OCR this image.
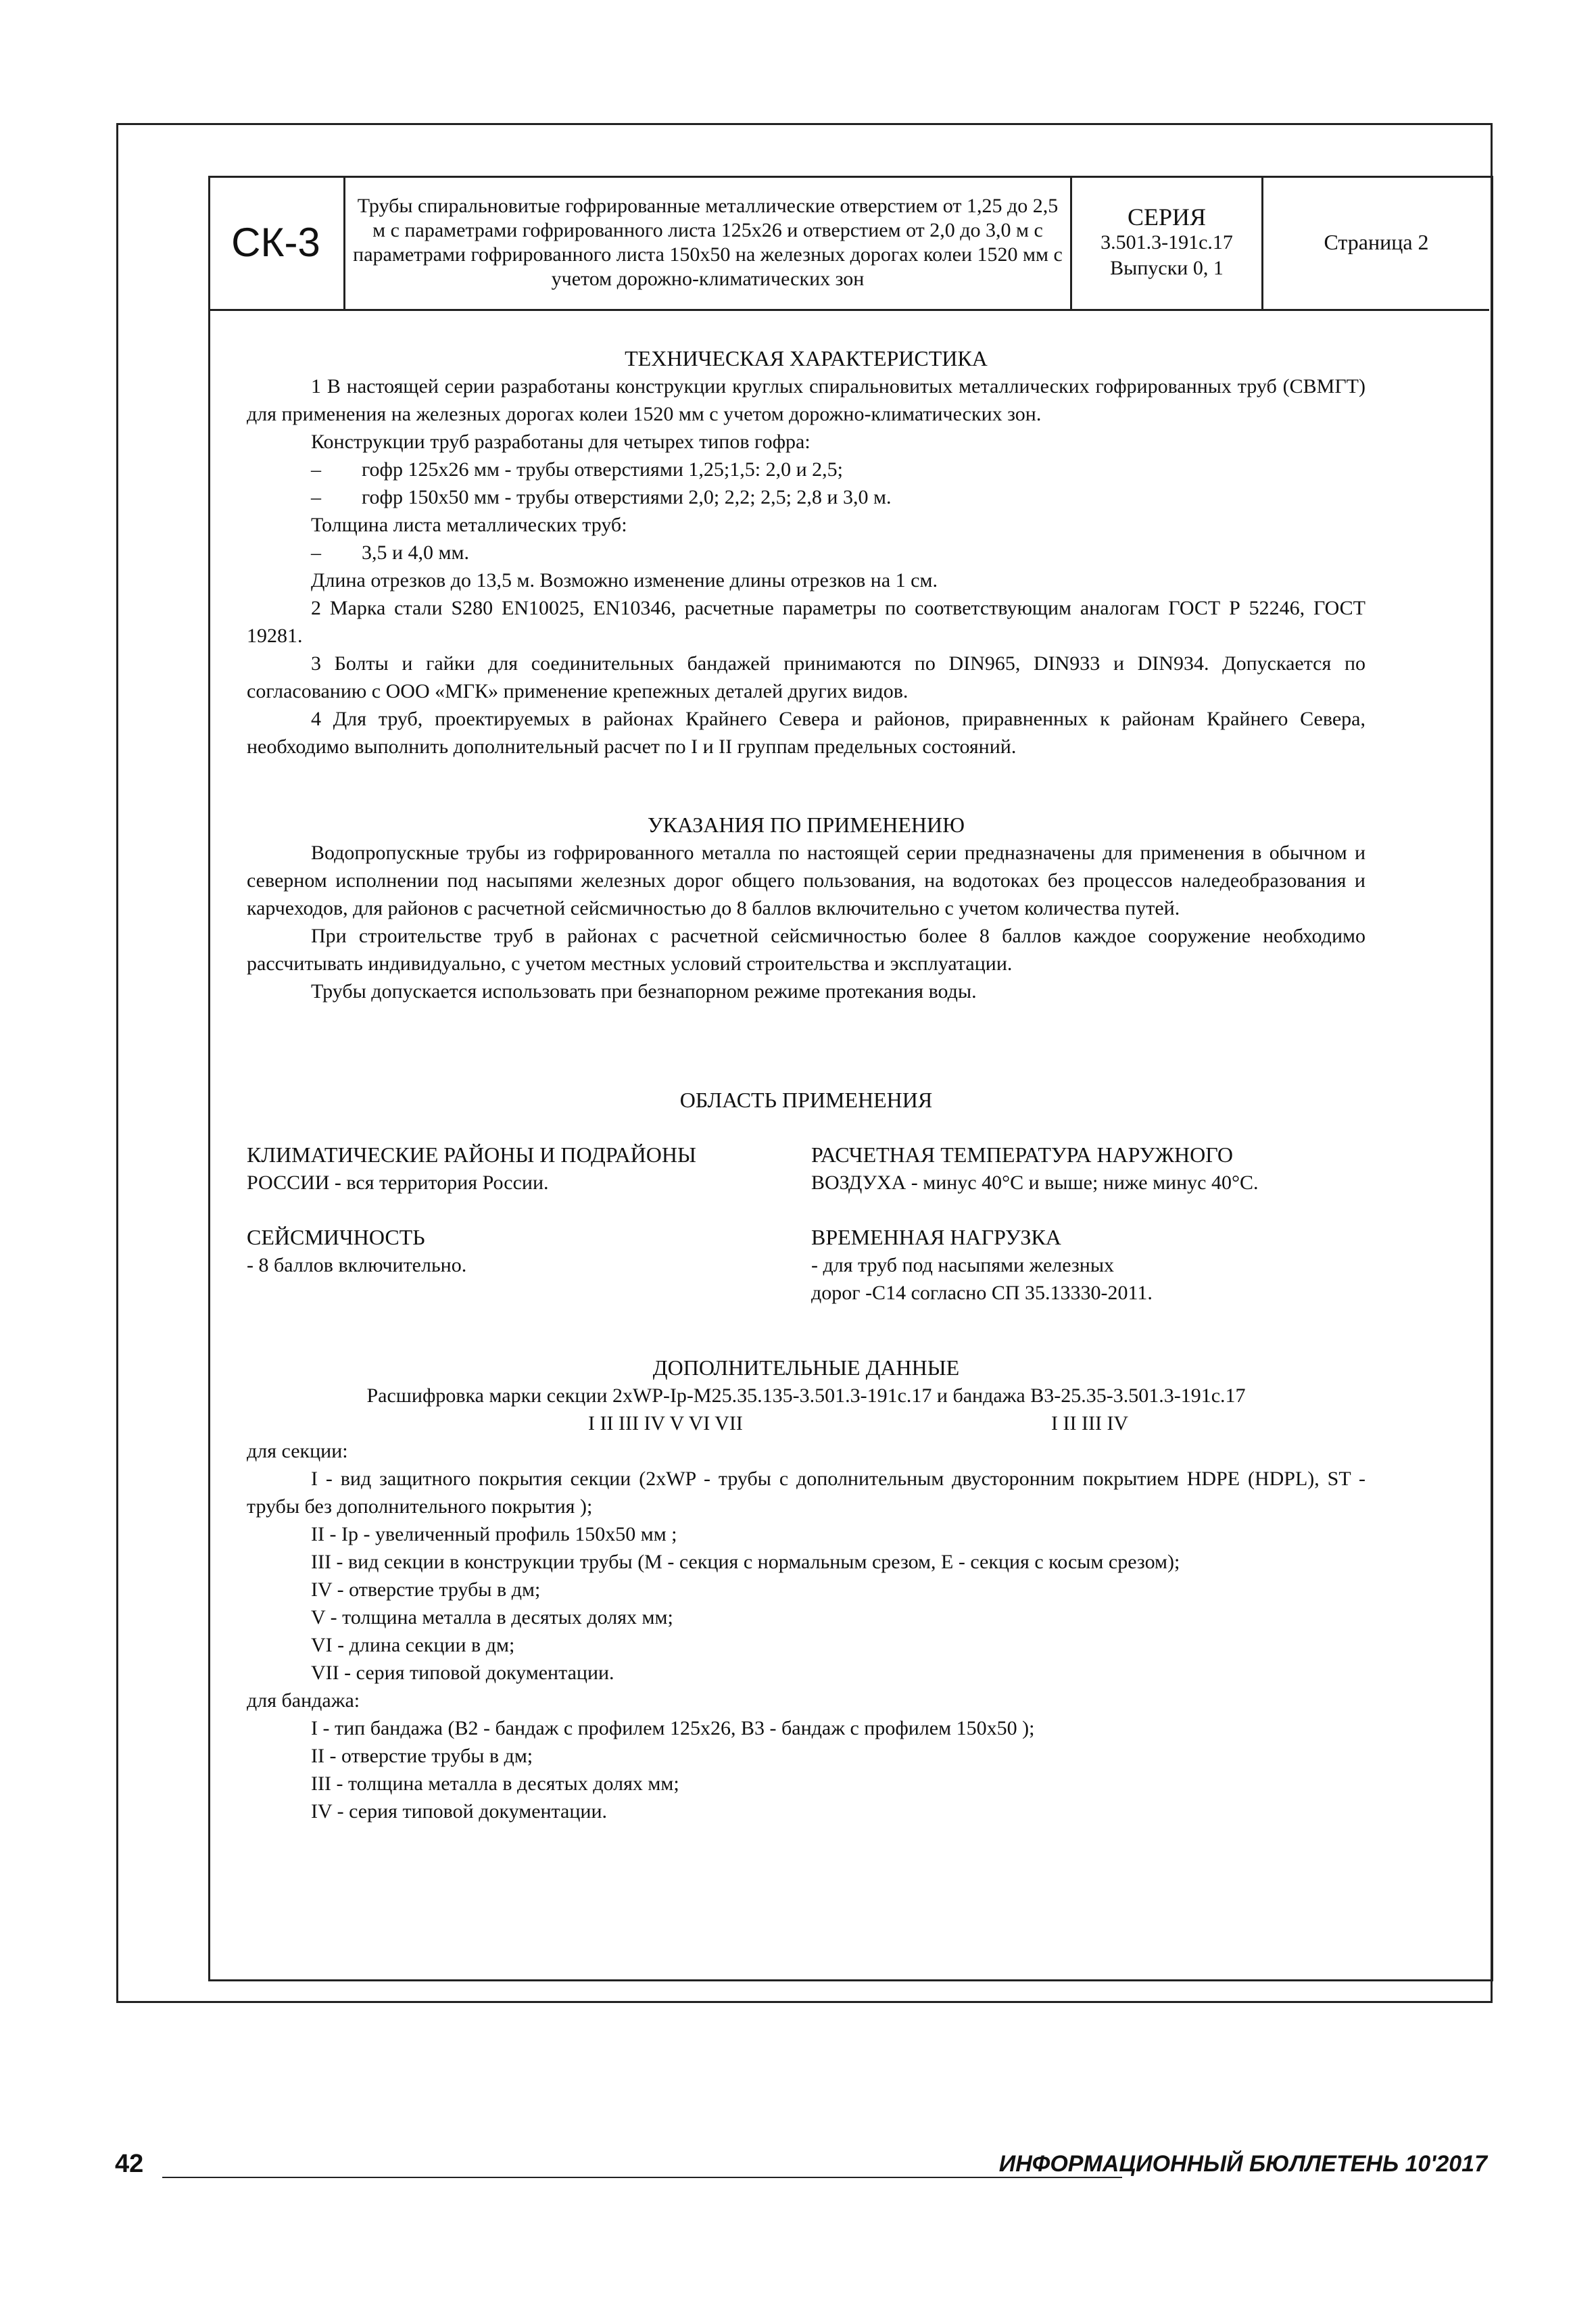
СК-3
Трубы спиральновитые гофрированные металлические отверстием от 1,25 до 2,5 м с параметрами гофрированного листа 125x26 и отверстием от 2,0 до 3,0 м с параметрами гофрированного листа 150x50 на железных дорогах колеи 1520 мм с учетом дорожно-климатических зон
СЕРИЯ
3.501.3-191с.17
Выпуски 0, 1
Страница 2

ТЕХНИЧЕСКАЯ ХАРАКТЕРИСТИКА

1 В настоящей серии разработаны конструкции круглых спиральновитых металлических гофрированных труб (СВМГТ) для применения на железных дорогах колеи 1520 мм с учетом дорожно-климатических зон.

Конструкции труб разработаны для четырех типов гофра:

–	гофр 125x26 мм - трубы отверстиями 1,25;1,5: 2,0 и 2,5;

–	гофр 150x50 мм - трубы отверстиями 2,0; 2,2; 2,5; 2,8 и 3,0 м.

Толщина листа металлических труб:

–	3,5 и 4,0 мм.

Длина отрезков до 13,5 м. Возможно изменение длины отрезков на 1 см.

2 Марка стали S280 EN10025, EN10346, расчетные параметры по соответствующим аналогам ГОСТ Р 52246, ГОСТ 19281.

3 Болты и гайки для соединительных бандажей принимаются по DIN965, DIN933 и DIN934. Допускается по согласованию с ООО «МГК» применение крепежных деталей других видов.

4 Для труб, проектируемых в районах Крайнего Севера и районов, приравненных к районам Крайнего Севера, необходимо выполнить дополнительный расчет по I и II группам предельных состояний.

УКАЗАНИЯ ПО ПРИМЕНЕНИЮ

Водопропускные трубы из гофрированного металла по настоящей серии предназначены для применения в обычном и северном исполнении под насыпями железных дорог общего пользования, на водотоках без процессов наледеобразования и карчеходов, для районов с расчетной сейсмичностью до 8 баллов включительно с учетом количества путей.

При строительстве труб в районах с расчетной сейсмичностью более 8 баллов каждое сооружение необходимо рассчитывать индивидуально, с учетом местных условий строительства и эксплуатации.

Трубы допускается использовать при безнапорном режиме протекания воды.

ОБЛАСТЬ ПРИМЕНЕНИЯ

КЛИМАТИЧЕСКИЕ РАЙОНЫ И ПОДРАЙОНЫ

РОССИИ - вся территория России.

РАСЧЕТНАЯ ТЕМПЕРАТУРА НАРУЖНОГО

ВОЗДУХА - минус 40°С и выше; ниже минус 40°С.

СЕЙСМИЧНОСТЬ

- 8 баллов включительно.

ВРЕМЕННАЯ НАГРУЗКА

- для труб под насыпями железных

дорог -С14 согласно СП 35.13330-2011.

ДОПОЛНИТЕЛЬНЫЕ ДАННЫЕ

Расшифровка марки секции 2xWP-Ip-M25.35.135-3.501.3-191с.17 и бандажа B3-25.35-3.501.3-191с.17

I II III IV V VI VII	I II III IV

для секции:

I - вид защитного покрытия секции (2xWP - трубы с дополнительным двусторонним покрытием HDPE (HDPL), ST - трубы без дополнительного покрытия );

II - Ip - увеличенный профиль 150x50 мм ;

III - вид секции в конструкции трубы (М - секция с нормальным срезом, Е - секция с косым срезом);

IV - отверстие трубы в дм;

V - толщина металла в десятых долях мм;

VI - длина секции в дм;

VII - серия типовой документации.

для бандажа:

I - тип бандажа (В2 - бандаж с профилем 125x26, В3 - бандаж с профилем 150x50 );

II - отверстие трубы в дм;

III - толщина металла в десятых долях мм;

IV - серия типовой документации.

42	ИНФОРМАЦИОННЫЙ БЮЛЛЕТЕНЬ 10'2017
